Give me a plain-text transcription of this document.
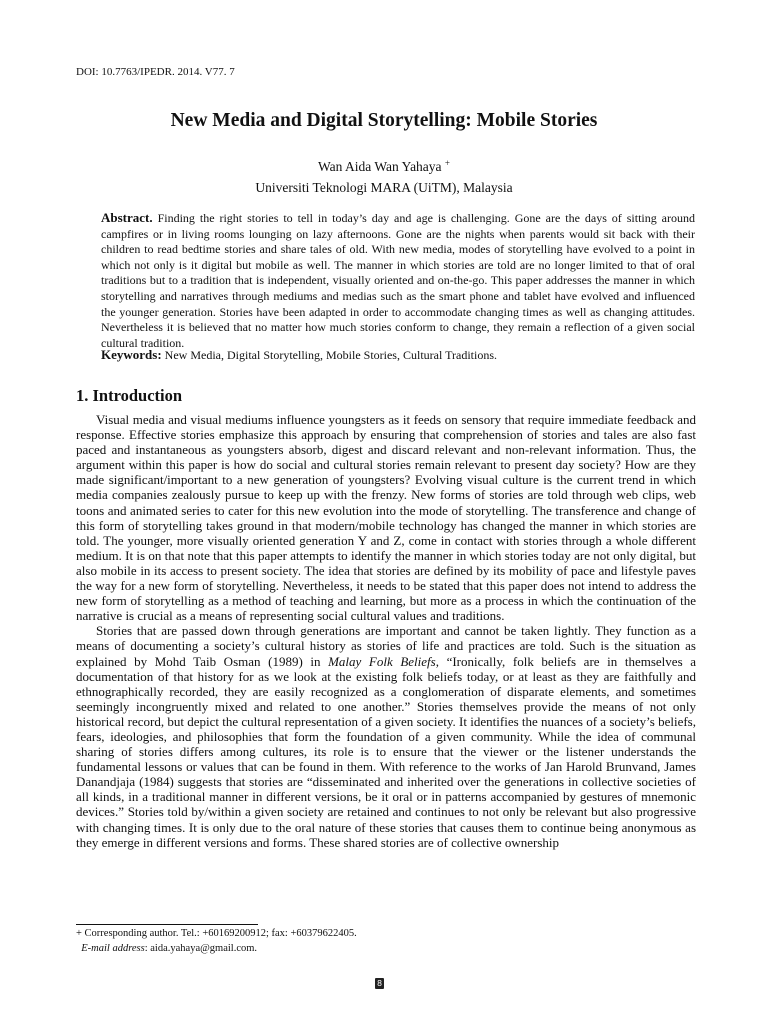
DOI: 10.7763/IPEDR. 2014. V77. 7
New Media and Digital Storytelling: Mobile Stories
Wan Aida Wan Yahaya +
Universiti Teknologi MARA (UiTM), Malaysia
Abstract. Finding the right stories to tell in today’s day and age is challenging. Gone are the days of sitting around campfires or in living rooms lounging on lazy afternoons. Gone are the nights when parents would sit back with their children to read bedtime stories and share tales of old. With new media, modes of storytelling have evolved to a point in which not only is it digital but mobile as well. The manner in which stories are told are no longer limited to that of oral traditions but to a tradition that is independent, visually oriented and on-the-go. This paper addresses the manner in which storytelling and narratives through mediums and medias such as the smart phone and tablet have evolved and influenced the younger generation. Stories have been adapted in order to accommodate changing times as well as changing attitudes. Nevertheless it is believed that no matter how much stories conform to change, they remain a reflection of a given social cultural tradition.
Keywords: New Media, Digital Storytelling, Mobile Stories, Cultural Traditions.
1. Introduction

Visual media and visual mediums influence youngsters as it feeds on sensory that require immediate feedback and response. Effective stories emphasize this approach by ensuring that comprehension of stories and tales are also fast paced and instantaneous as youngsters absorb, digest and discard relevant and non-relevant information. Thus, the argument within this paper is how do social and cultural stories remain relevant to present day society? How are they made significant/important to a new generation of youngsters? Evolving visual culture is the current trend in which media companies zealously pursue to keep up with the frenzy. New forms of stories are told through web clips, web toons and animated series to cater for this new evolution into the mode of storytelling. The transference and change of this form of storytelling takes ground in that modern/mobile technology has changed the manner in which stories are told. The younger, more visually oriented generation Y and Z, come in contact with stories through a whole different medium. It is on that note that this paper attempts to identify the manner in which stories today are not only digital, but also mobile in its access to present society. The idea that stories are defined by its mobility of pace and lifestyle paves the way for a new form of storytelling. Nevertheless, it needs to be stated that this paper does not intend to address the new form of storytelling as a method of teaching and learning, but more as a process in which the continuation of the narrative is crucial as a means of representing social cultural values and traditions.

Stories that are passed down through generations are important and cannot be taken lightly. They function as a means of documenting a society’s cultural history as stories of life and practices are told. Such is the situation as explained by Mohd Taib Osman (1989) in Malay Folk Beliefs, “Ironically, folk beliefs are in themselves a documentation of that history for as we look at the existing folk beliefs today, or at least as they are faithfully and ethnographically recorded, they are easily recognized as a conglomeration of disparate elements, and sometimes seemingly incongruently mixed and related to one another.” Stories themselves provide the means of not only historical record, but depict the cultural representation of a given society. It identifies the nuances of a society’s beliefs, fears, ideologies, and philosophies that form the foundation of a given community. While the idea of communal sharing of stories differs among cultures, its role is to ensure that the viewer or the listener understands the fundamental lessons or values that can be found in them. With reference to the works of Jan Harold Brunvand, James Danandjaja (1984) suggests that stories are “disseminated and inherited over the generations in collective societies of all kinds, in a traditional manner in different versions, be it oral or in patterns accompanied by gestures of mnemonic devices.” Stories told by/within a given society are retained and continues to not only be relevant but also progressive with changing times. It is only due to the oral nature of these stories that causes them to continue being anonymous as they emerge in different versions and forms. These shared stories are of collective ownership

+ Corresponding author. Tel.: +60169200912; fax: +60379622405.
E-mail address: aida.yahaya@gmail.com.
8
